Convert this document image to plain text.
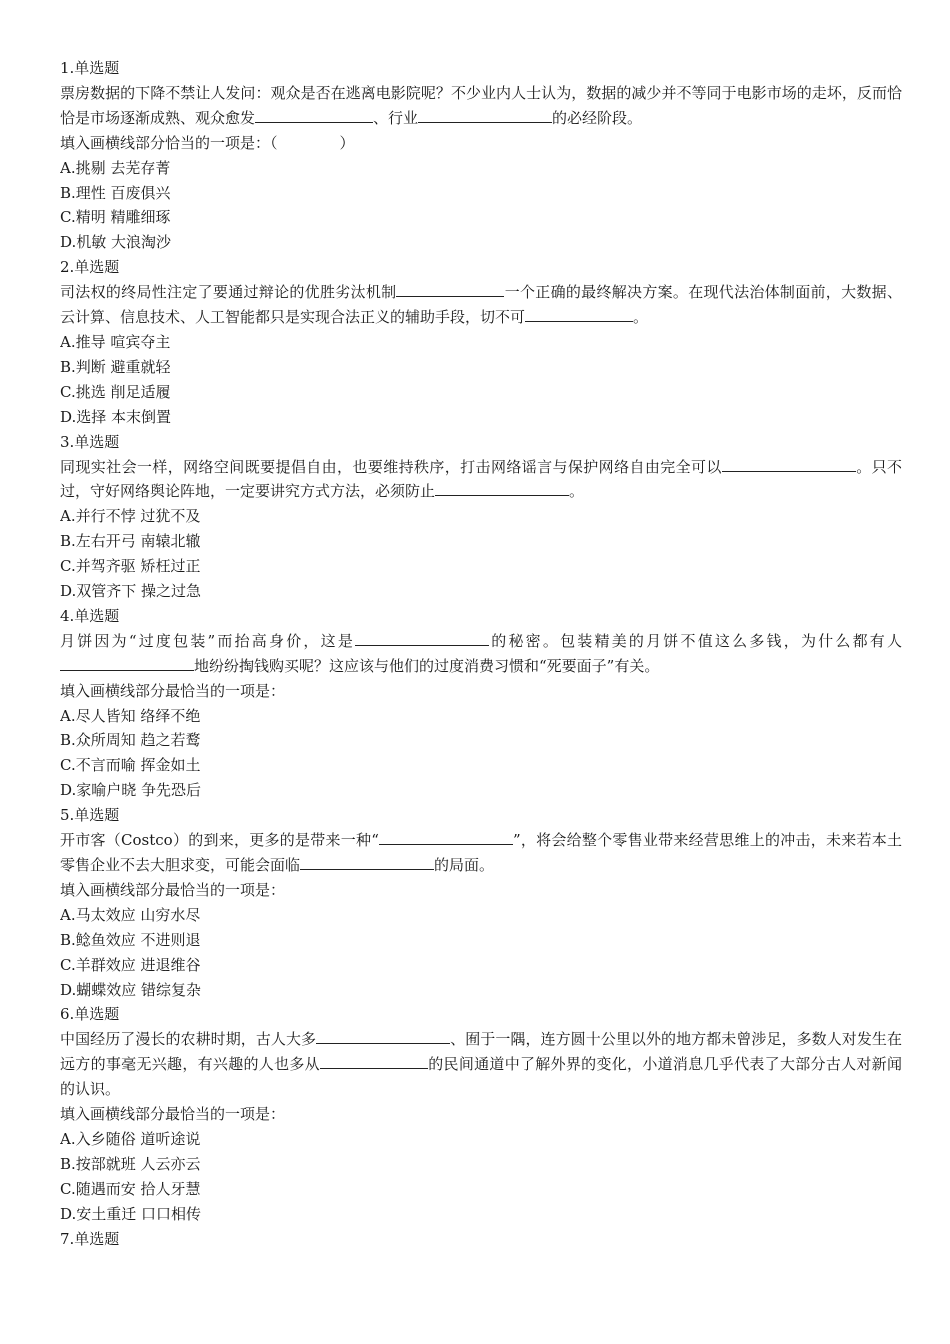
1.单选题
票房数据的下降不禁让人发问：观众是否在逃离电影院呢？不少业内人士认为，数据的减少并不等同于电影市场的走坏，反而恰恰是市场逐渐成熟、观众愈发	、行业	的必经阶段。
填入画横线部分恰当的一项是：（	）
A.挑剔 去芜存菁
B.理性 百废俱兴
C.精明 精雕细琢
D.机敏 大浪淘沙
2.单选题
司法权的终局性注定了要通过辩论的优胜劣汰机制	一个正确的最终解决方案。在现代法治体制面前，大数据、云计算、信息技术、人工智能都只是实现合法正义的辅助手段，切不可	。
A.推导 喧宾夺主
B.判断 避重就轻
C.挑选 削足适履
D.选择 本末倒置
3.单选题
同现实社会一样，网络空间既要提倡自由，也要维持秩序，打击网络谣言与保护网络自由完全可以	。只不过，守好网络舆论阵地，一定要讲究方式方法，必须防止	。
A.并行不悖 过犹不及
B.左右开弓 南辕北辙
C.并驾齐驱 矫枉过正
D.双管齐下 操之过急
4.单选题
月饼因为“过度包装”而抬高身价，这是	的秘密。包装精美的月饼不值这么多钱，为什么都有人地纷纷掏钱购买呢？这应该与他们的过度消费习惯和“死要面子”有关。
填入画横线部分最恰当的一项是：
A.尽人皆知 络绎不绝
B.众所周知 趋之若鹜
C.不言而喻 挥金如土
D.家喻户晓 争先恐后
5.单选题
开市客（Costco）的到来，更多的是带来一种“	”，将会给整个零售业带来经营思维上的冲击，未来若本土零售企业不去大胆求变，可能会面临	的局面。
填入画横线部分最恰当的一项是：
A.马太效应 山穷水尽
B.鲶鱼效应 不进则退
C.羊群效应 进退维谷
D.蝴蝶效应 错综复杂
6.单选题
中国经历了漫长的农耕时期，古人大多	、囿于一隅，连方圆十公里以外的地方都未曾涉足，多数人对发生在远方的事毫无兴趣，有兴趣的人也多从	的民间通道中了解外界的变化，小道消息几乎代表了大部分古人对新闻的认识。
填入画横线部分最恰当的一项是：
A.入乡随俗 道听途说
B.按部就班 人云亦云
C.随遇而安 拾人牙慧
D.安土重迁 口口相传
7.单选题
